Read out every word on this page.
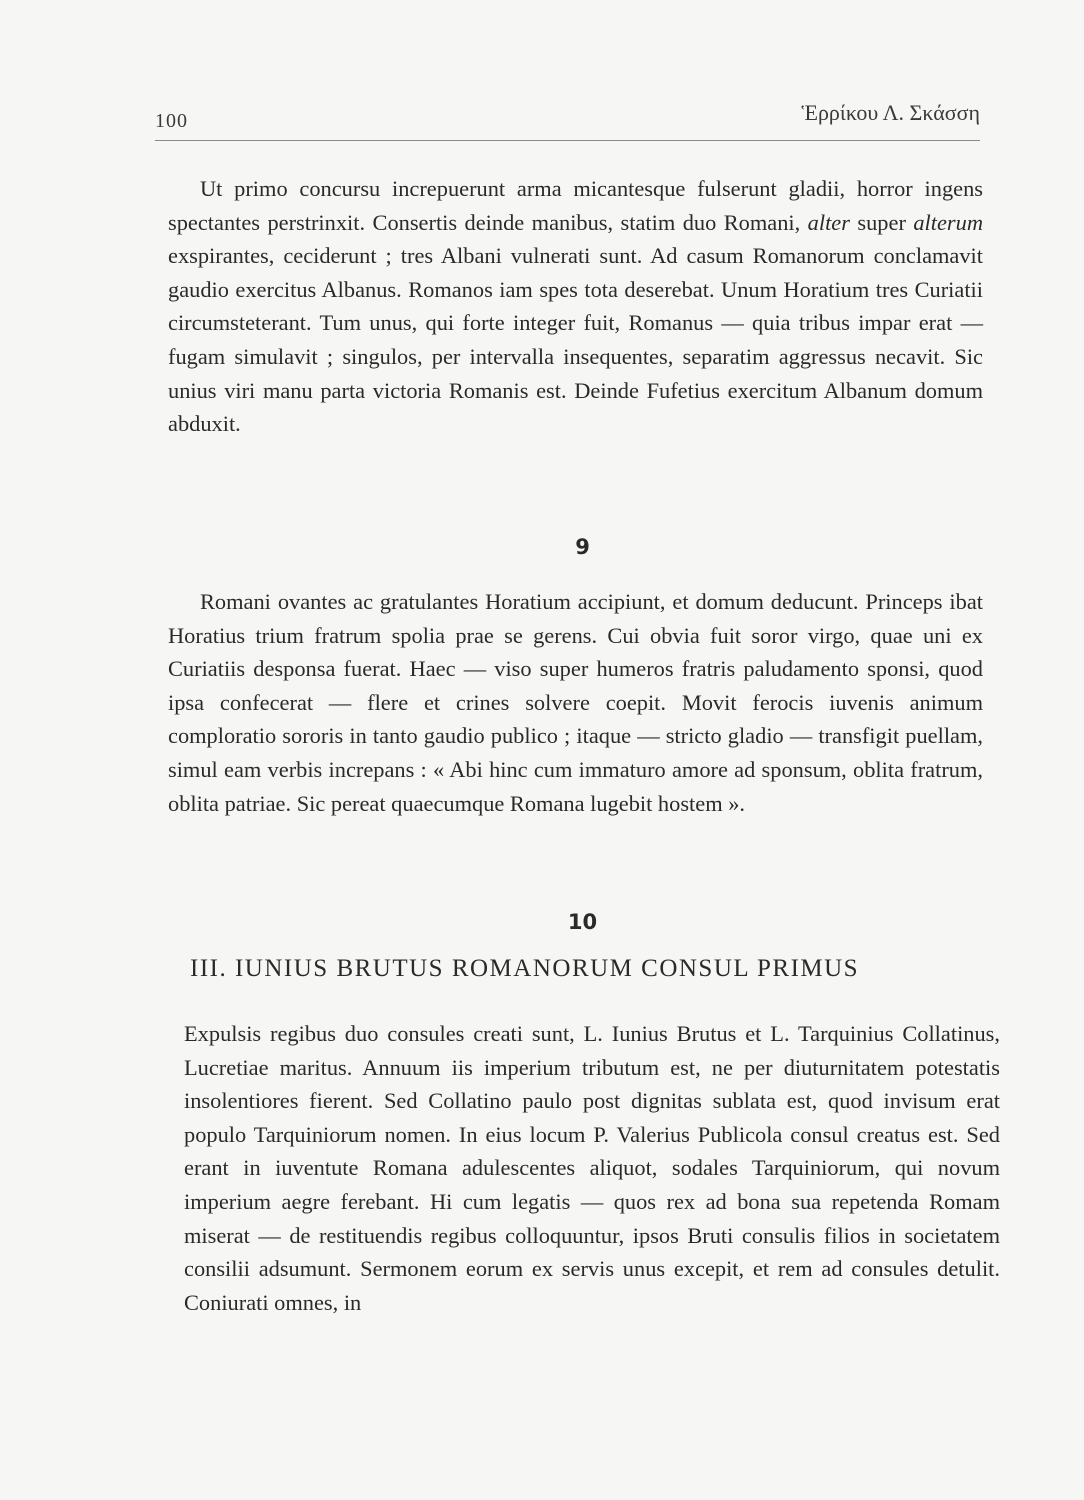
100	Ἑρρίκου Λ. Σκάσση

Ut primo concursu increpuerunt arma micantesque fulserunt gladii, horror ingens spectantes perstrinxit. Consertis deinde manibus, statim duo Romani, alter super alterum exspirantes, ceciderunt ; tres Albani vulnerati sunt. Ad casum Romanorum conclamavit gaudio exercitus Albanus. Romanos iam spes tota deserebat. Unum Horatium tres Curiatii circumsteterant. Tum unus, qui forte integer fuit, Romanus — quia tribus impar erat — fugam simulavit ; singulos, per intervalla insequentes, separatim aggressus necavit. Sic unius viri manu parta victoria Romanis est. Deinde Fufetius exercitum Albanum domum abduxit.

9

Romani ovantes ac gratulantes Horatium accipiunt, et domum deducunt. Princeps ibat Horatius trium fratrum spolia prae se gerens. Cui obvia fuit soror virgo, quae uni ex Curiatiis desponsa fuerat. Haec — viso super humeros fratris paludamento sponsi, quod ipsa confecerat — flere et crines solvere coepit. Movit ferocis iuvenis animum comploratio sororis in tanto gaudio publico ; itaque — stricto gladio — transfigit puellam, simul eam verbis increpans : « Abi hinc cum immaturo amore ad sponsum, oblita fratrum, oblita patriae. Sic pereat quaecumque Romana lugebit hostem ».

10
III. IUNIUS BRUTUS ROMANORUM CONSUL PRIMUS

Expulsis regibus duo consules creati sunt, L. Iunius Brutus et L. Tarquinius Collatinus, Lucretiae maritus. Annuum iis imperium tributum est, ne per diuturnitatem potestatis insolentiores fierent. Sed Collatino paulo post dignitas sublata est, quod invisum erat populo Tarquiniorum nomen. In eius locum P. Valerius Publicola consul creatus est. Sed erant in iuventute Romana adulescentes aliquot, sodales Tarquiniorum, qui novum imperium aegre ferebant. Hi cum legatis — quos rex ad bona sua repetenda Romam miserat — de restituendis regibus colloquuntur, ipsos Bruti consulis filios in societatem consilii adsumunt. Sermonem eorum ex servis unus excepit, et rem ad consules detulit. Coniurati omnes, in
